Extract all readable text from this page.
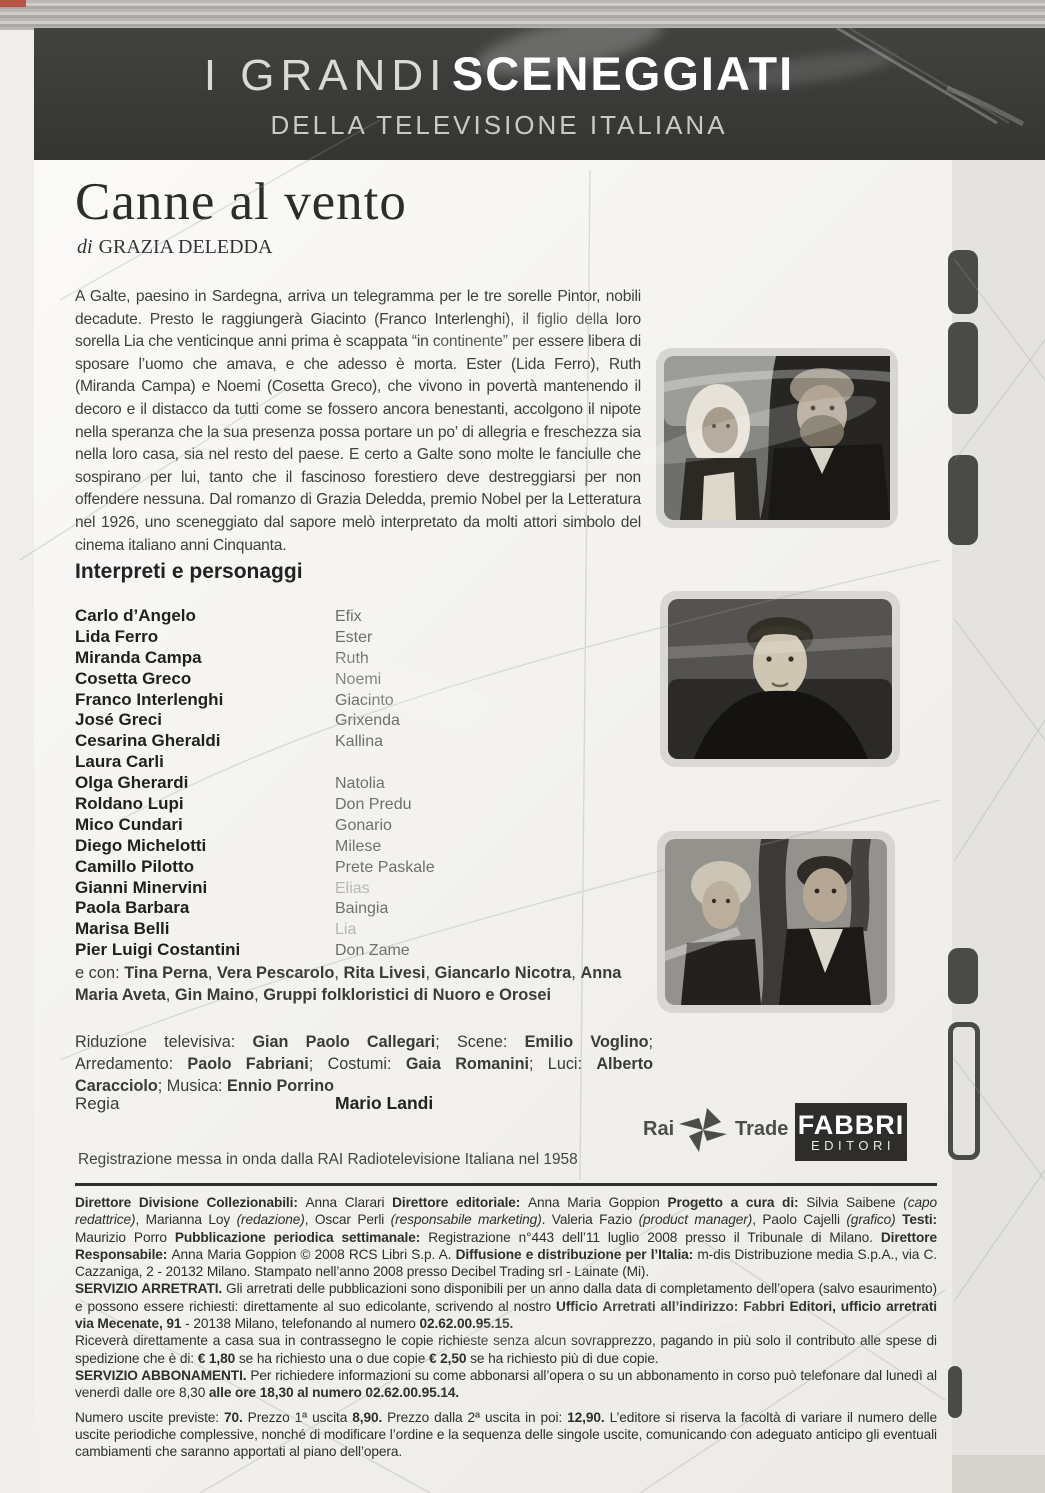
I GRANDI SCENEGGIATI
DELLA TELEVISIONE ITALIANA
Canne al vento
di GRAZIA DELEDDA
A Galte, paesino in Sardegna, arriva un telegramma per le tre sorelle Pintor, nobili decadute. Presto le raggiungerà Giacinto (Franco Interlenghi), il figlio della loro sorella Lia che venticinque anni prima è scappata “in continente” per essere libera di sposare l’uomo che amava, e che adesso è morta. Ester (Lida Ferro), Ruth (Miranda Campa) e Noemi (Cosetta Greco), che vivono in povertà mantenendo il decoro e il distacco da tutti come se fossero ancora benestanti, accolgono il nipote nella speranza che la sua presenza possa portare un po’ di allegria e freschezza sia nella loro casa, sia nel resto del paese. E certo a Galte sono molte le fanciulle che sospirano per lui, tanto che il fascinoso forestiero deve destreggiarsi per non offendere nessuna. Dal romanzo di Grazia Deledda, premio Nobel per la Letteratura nel 1926, uno sceneggiato dal sapore melò interpretato da molti attori simbolo del cinema italiano anni Cinquanta.
Interpreti e personaggi
Carlo d’Angelo	Efix
Lida Ferro	Ester
Miranda Campa	Ruth
Cosetta Greco	Noemi
Franco Interlenghi	Giacinto
José Greci	Grixenda
Cesarina Gheraldi	Kallina
Laura Carli
Olga Gherardi	Natolia
Roldano Lupi	Don Predu
Mico Cundari	Gonario
Diego Michelotti	Milese
Camillo Pilotto	Prete Paskale
Gianni Minervini	Elias
Paola Barbara	Baingia
Marisa Belli	Lia
Pier Luigi Costantini	Don Zame
e con: Tina Perna, Vera Pescarolo, Rita Livesi, Giancarlo Nicotra, Anna Maria Aveta, Gin Maino, Gruppi folkloristici di Nuoro e Orosei
Riduzione televisiva: Gian Paolo Callegari; Scene: Emilio Voglino; Arredamento: Paolo Fabriani; Costumi: Gaia Romanini; Luci: Alberto Caracciolo; Musica: Ennio Porrino
Regia	Mario Landi
Rai	Trade FABBRI
EDITORI
Registrazione messa in onda dalla RAI Radiotelevisione Italiana nel 1958

Direttore Divisione Collezionabili: Anna Clarari Direttore editoriale: Anna Maria Goppion Progetto a cura di: Silvia Saibene (capo redattrice), Marianna Loy (redazione), Oscar Perli (responsabile marketing). Valeria Fazio (product manager), Paolo Cajelli (grafico) Testi: Maurizio Porro Pubblicazione periodica settimanale: Registrazione n°443 dell’11 luglio 2008 presso il Tribunale di Milano. Direttore Responsabile: Anna Maria Goppion © 2008 RCS Libri S.p. A. Diffusione e distribuzione per l’Italia: m-dis Distribuzione media S.p.A., via C. Cazzaniga, 2 - 20132 Milano. Stampato nell’anno 2008 presso Decibel Trading srl - Lainate (Mi).

SERVIZIO ARRETRATI. Gli arretrati delle pubblicazioni sono disponibili per un anno dalla data di completamento dell’opera (salvo esaurimento) e possono essere richiesti: direttamente al suo edicolante, scrivendo al nostro Ufficio Arretrati all’indirizzo: Fabbri Editori, ufficio arretrati via Mecenate, 91 - 20138 Milano, telefonando al numero 02.62.00.95.15.

Riceverà direttamente a casa sua in contrassegno le copie richieste senza alcun sovrapprezzo, pagando in più solo il contributo alle spese di spedizione che è di: € 1,80 se ha richiesto una o due copie € 2,50 se ha richiesto più di due copie.

SERVIZIO ABBONAMENTI. Per richiedere informazioni su come abbonarsi all’opera o su un abbonamento in corso può telefonare dal lunedì al venerdì dalle ore 8,30 alle ore 18,30 al numero 02.62.00.95.14.

Numero uscite previste: 70. Prezzo 1ª uscita 8,90. Prezzo dalla 2ª uscita in poi: 12,90. L’editore si riserva la facoltà di variare il numero delle uscite periodiche complessive, nonché di modificare l’ordine e la sequenza delle singole uscite, comunicando con adeguato anticipo gli eventuali cambiamenti che saranno apportati al piano dell’opera.
